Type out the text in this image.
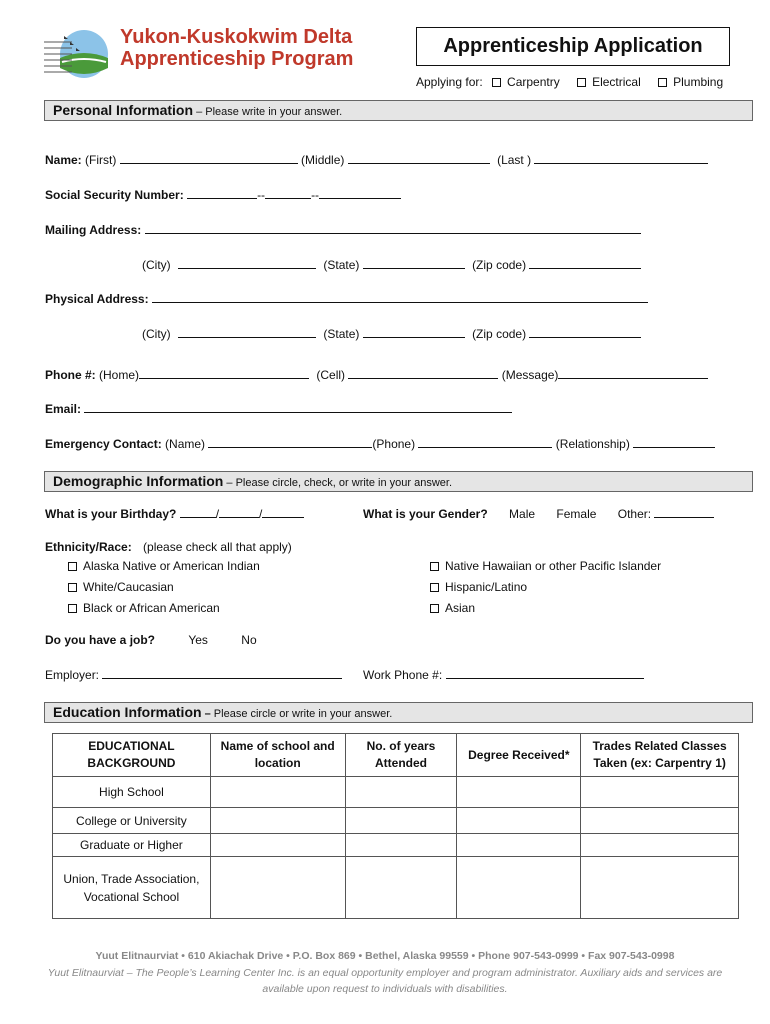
Yukon-Kuskokwim Delta
Apprenticeship Program
Apprenticeship Application
Applying for: Carpentry	Electrical	Plumbing
Personal Information – Please write in your answer.
Name: (First)	(Middle)	(Last )
Social Security Number:	--	--
Mailing Address:
(City)	(State)	(Zip code)
Physical Address:
(City)	(State)	(Zip code)
Phone #: (Home)	(Cell)	(Message)
Email:
Emergency Contact: (Name)	(Phone)	(Relationship)
Demographic Information – Please circle, check, or write in your answer.
What is your Birthday?	/	/	What is your Gender? Male Female Other:
Ethnicity/Race: (please check all that apply)
Alaska Native or American Indian
White/Caucasian
Black or African American
Native Hawaiian or other Pacific Islander
Hispanic/Latino
Asian
Do you have a job?	Yes	No
Employer:	Work Phone #:
Education Information – Please circle or write in your answer.
EDUCATIONAL BACKGROUND	Name of school and location	No. of years Attended	Degree Received*	Trades Related Classes Taken (ex: Carpentry 1)
High School				
College or University				
Graduate or Higher				
Union, Trade Association, Vocational School				
Yuut Elitnaurviat • 610 Akiachak Drive • P.O. Box 869 • Bethel, Alaska 99559 • Phone 907-543-0999 • Fax 907-543-0998
Yuut Elitnaurviat – The People’s Learning Center Inc. is an equal opportunity employer and program administrator. Auxiliary aids and services are available upon request to individuals with disabilities.
